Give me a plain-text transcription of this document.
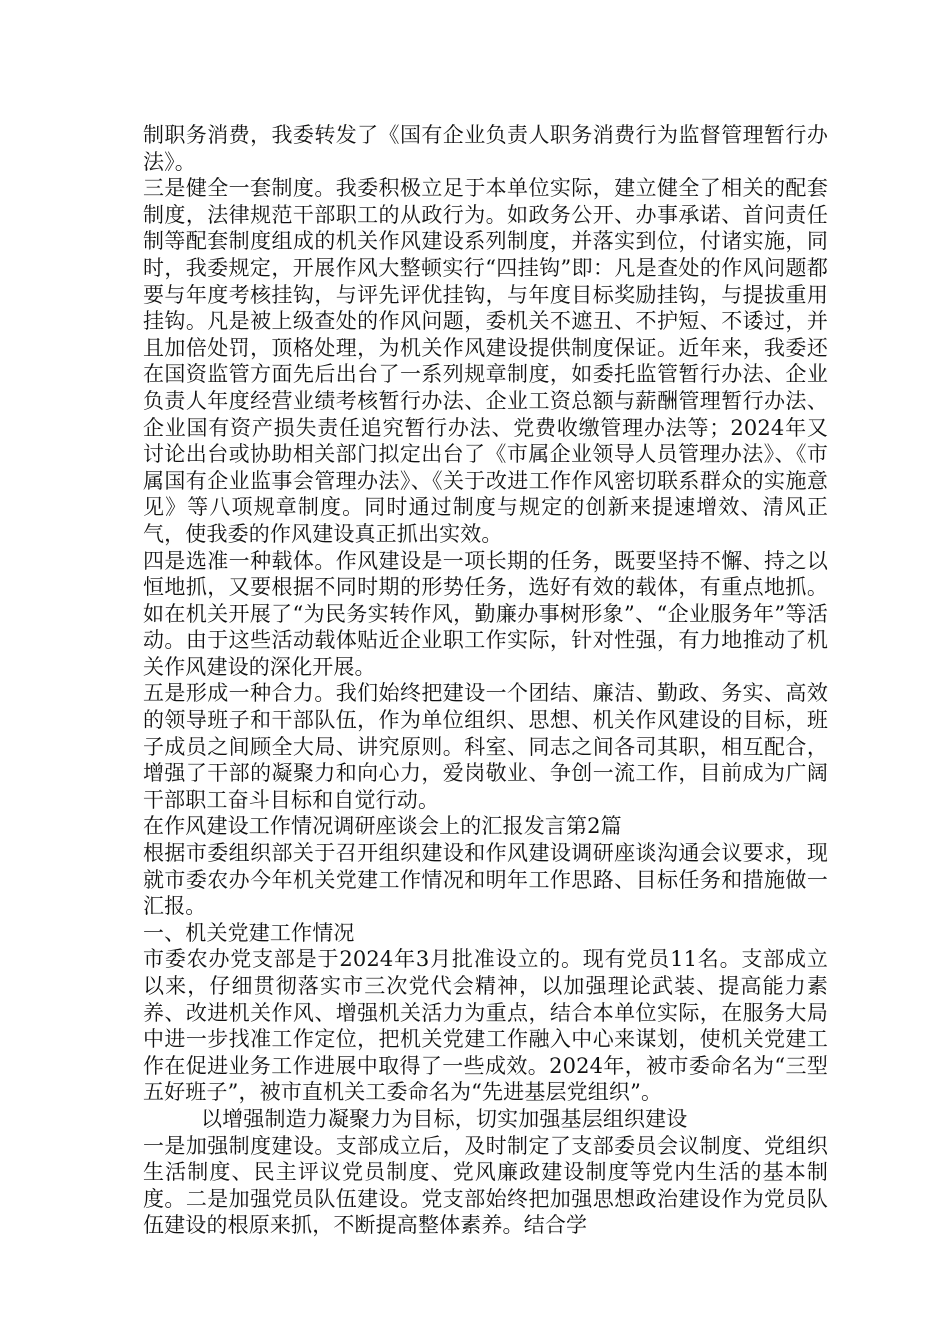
制职务消费，我委转发了《国有企业负责人职务消费行为监督管理暂行办法》。

三是健全一套制度。我委积极立足于本单位实际，建立健全了相关的配套制度，法律规范干部职工的从政行为。如政务公开、办事承诺、首问责任制等配套制度组成的机关作风建设系列制度，并落实到位，付诸实施，同时，我委规定，开展作风大整顿实行“四挂钩”即：凡是查处的作风问题都要与年度考核挂钩，与评先评优挂钩，与年度目标奖励挂钩，与提拔重用挂钩。凡是被上级查处的作风问题，委机关不遮丑、不护短、不诿过，并且加倍处罚，顶格处理，为机关作风建设提供制度保证。近年来，我委还在国资监管方面先后出台了一系列规章制度，如委托监管暂行办法、企业负责人年度经营业绩考核暂行办法、企业工资总额与薪酬管理暂行办法、企业国有资产损失责任追究暂行办法、党费收缴管理办法等；2024年又讨论出台或协助相关部门拟定出台了《市属企业领导人员管理办法》、《市属国有企业监事会管理办法》、《关于改进工作作风密切联系群众的实施意见》等八项规章制度。同时通过制度与规定的创新来提速增效、清风正气，使我委的作风建设真正抓出实效。

四是选准一种载体。作风建设是一项长期的任务，既要坚持不懈、持之以恒地抓，又要根据不同时期的形势任务，选好有效的载体，有重点地抓。如在机关开展了“为民务实转作风，勤廉办事树形象”、“企业服务年”等活动。由于这些活动载体贴近企业职工作实际，针对性强，有力地推动了机关作风建设的深化开展。

五是形成一种合力。我们始终把建设一个团结、廉洁、勤政、务实、高效的领导班子和干部队伍，作为单位组织、思想、机关作风建设的目标，班子成员之间顾全大局、讲究原则。科室、同志之间各司其职，相互配合，增强了干部的凝聚力和向心力，爱岗敬业、争创一流工作，目前成为广阔干部职工奋斗目标和自觉行动。

在作风建设工作情况调研座谈会上的汇报发言第2篇

根据市委组织部关于召开组织建设和作风建设调研座谈沟通会议要求，现就市委农办今年机关党建工作情况和明年工作思路、目标任务和措施做一汇报。

一、机关党建工作情况

市委农办党支部是于2024年3月批准设立的。现有党员11名。支部成立以来，仔细贯彻落实市三次党代会精神，以加强理论武装、提高能力素养、改进机关作风、增强机关活力为重点，结合本单位实际，在服务大局中进一步找准工作定位，把机关党建工作融入中心来谋划，使机关党建工作在促进业务工作进展中取得了一些成效。2024年，被市委命名为“三型五好班子”，被市直机关工委命名为“先进基层党组织”。

以增强制造力凝聚力为目标，切实加强基层组织建设

一是加强制度建设。支部成立后，及时制定了支部委员会议制度、党组织生活制度、民主评议党员制度、党风廉政建设制度等党内生活的基本制度。二是加强党员队伍建设。党支部始终把加强思想政治建设作为党员队伍建设的根原来抓，不断提高整体素养。结合学
